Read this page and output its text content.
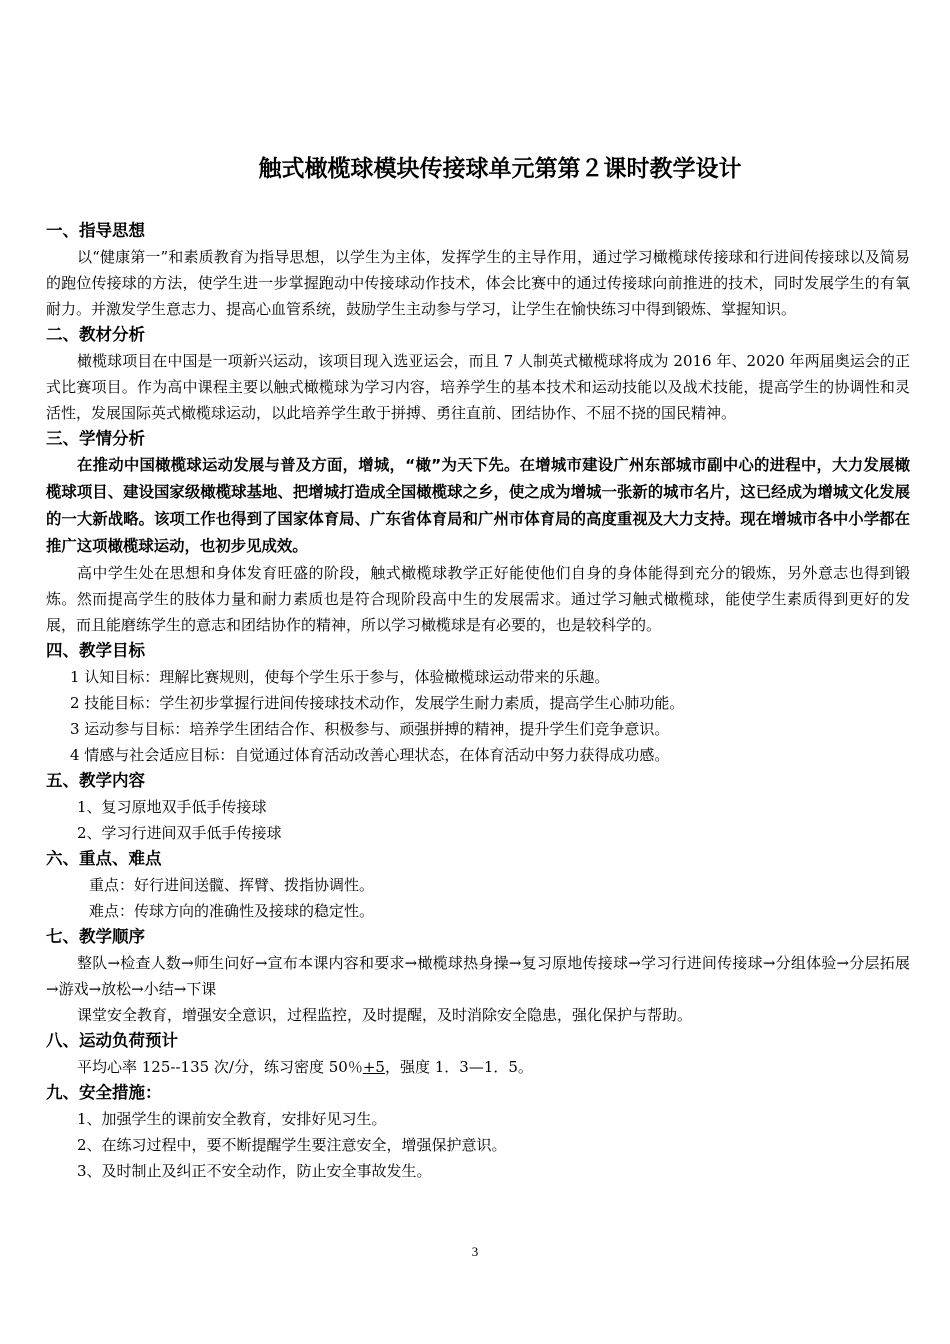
触式橄榄球模块传接球单元第第２课时教学设计
一、指导思想
以“健康第一”和素质教育为指导思想，以学生为主体，发挥学生的主导作用，通过学习橄榄球传接球和行进间传接球以及简易的跑位传接球的方法，使学生进一步掌握跑动中传接球动作技术，体会比赛中的通过传接球向前推进的技术，同时发展学生的有氧耐力。并激发学生意志力、提高心血管系统，鼓励学生主动参与学习，让学生在愉快练习中得到锻炼、掌握知识。
二、教材分析
橄榄球项目在中国是一项新兴运动，该项目现入选亚运会，而且 7 人制英式橄榄球将成为 2016 年、2020 年两届奥运会的正式比赛项目。作为高中课程主要以触式橄榄球为学习内容，培养学生的基本技术和运动技能以及战术技能，提高学生的协调性和灵活性，发展国际英式橄榄球运动，以此培养学生敢于拼搏、勇往直前、团结协作、不屈不挠的国民精神。
三、学情分析
在推动中国橄榄球运动发展与普及方面，增城，“橄”为天下先。在增城市建设广州东部城市副中心的进程中，大力发展橄榄球项目、建设国家级橄榄球基地、把增城打造成全国橄榄球之乡，使之成为增城一张新的城市名片，这已经成为增城文化发展的一大新战略。该项工作也得到了国家体育局、广东省体育局和广州市体育局的高度重视及大力支持。现在增城市各中小学都在推广这项橄榄球运动，也初步见成效。
高中学生处在思想和身体发育旺盛的阶段，触式橄榄球教学正好能使他们自身的身体能得到充分的锻炼，另外意志也得到锻炼。然而提高学生的肢体力量和耐力素质也是符合现阶段高中生的发展需求。通过学习触式橄榄球，能使学生素质得到更好的发展，而且能磨练学生的意志和团结协作的精神，所以学习橄榄球是有必要的，也是较科学的。
四、教学目标
1 认知目标：理解比赛规则，使每个学生乐于参与，体验橄榄球运动带来的乐趣。
2 技能目标：学生初步掌握行进间传接球技术动作，发展学生耐力素质，提高学生心肺功能。
3 运动参与目标：培养学生团结合作、积极参与、顽强拼搏的精神，提升学生们竞争意识。
4 情感与社会适应目标：自觉通过体育活动改善心理状态，在体育活动中努力获得成功感。
五、教学内容
1、复习原地双手低手传接球
2、学习行进间双手低手传接球
六、重点、难点
重点：好行进间送髋、挥臂、拨指协调性。
难点：传球方向的准确性及接球的稳定性。
七、教学顺序
整队→检查人数→师生问好→宣布本课内容和要求→橄榄球热身操→复习原地传接球→学习行进间传接球→分组体验→分层拓展→游戏→放松→小结→下课
课堂安全教育，增强安全意识，过程监控，及时提醒，及时消除安全隐患，强化保护与帮助。
八、运动负荷预计
平均心率 125--135 次/分，练习密度 50％+5，强度 1．3—1．5。
九、安全措施：
1、加强学生的课前安全教育，安排好见习生。
2、在练习过程中，要不断提醒学生要注意安全，增强保护意识。
3、及时制止及纠正不安全动作，防止安全事故发生。
3
